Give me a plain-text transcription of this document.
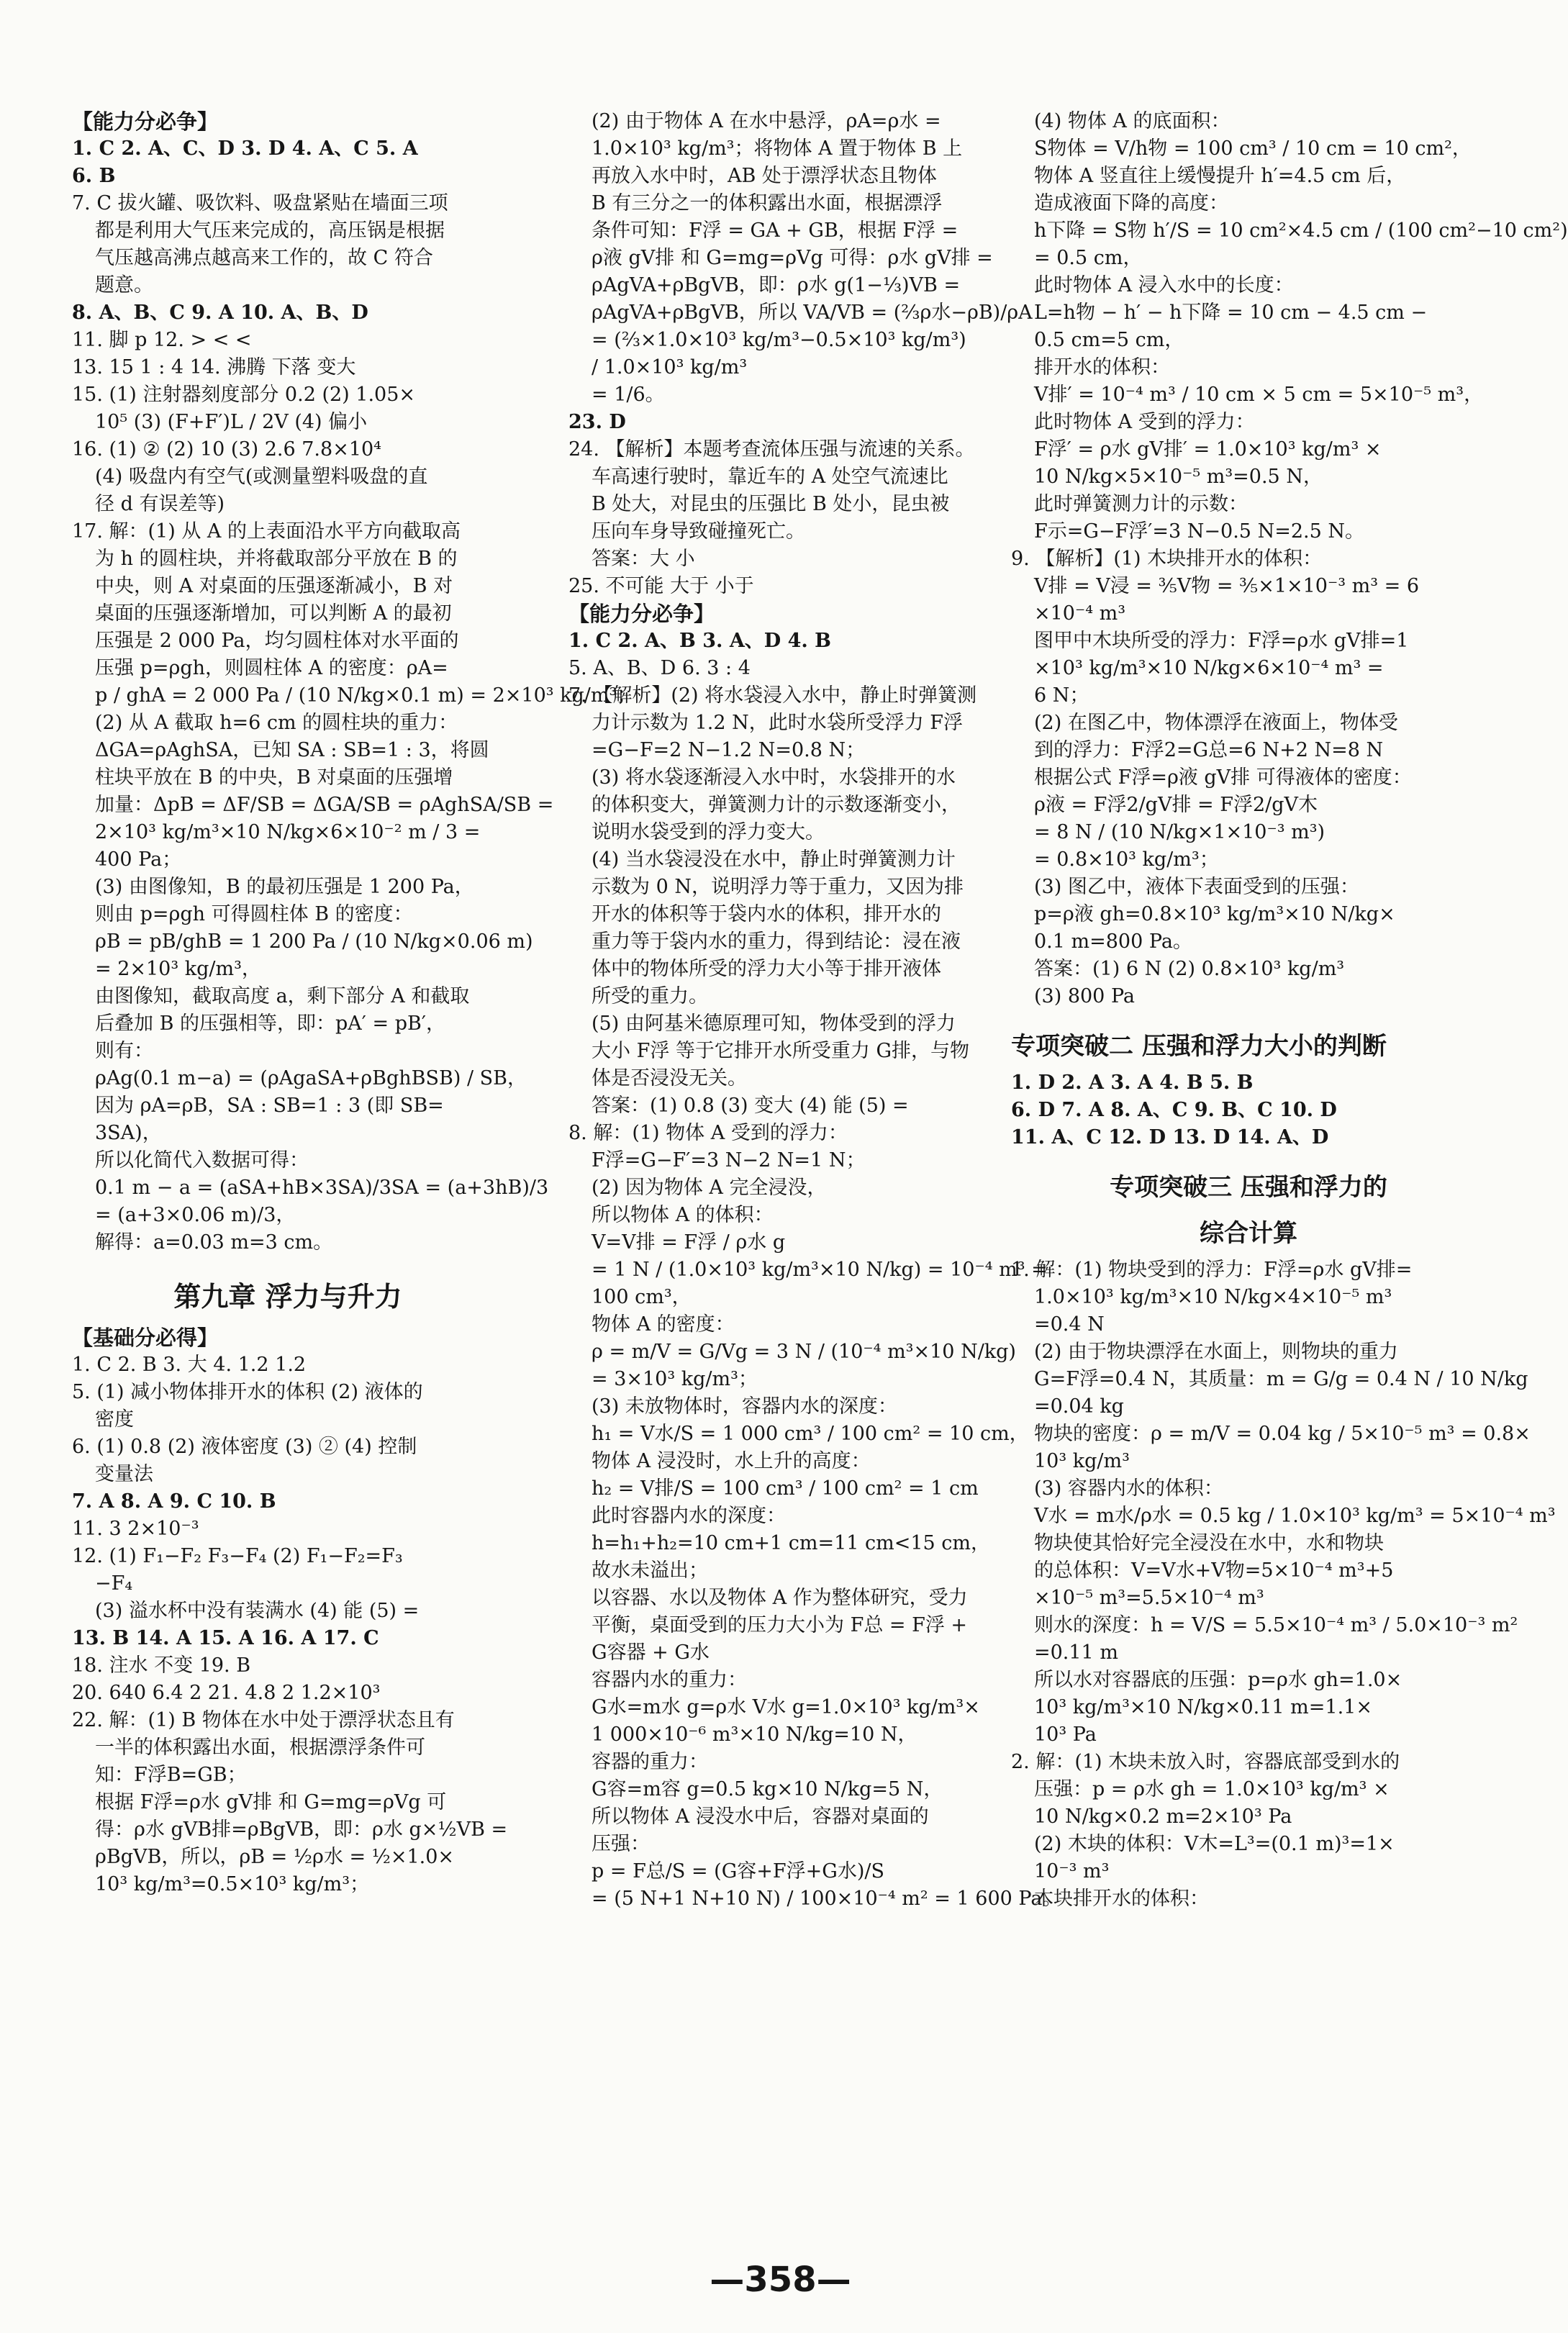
【能力分必争】
1. C 2. A、C、D 3. D 4. A、C 5. A
6. B
7. C 拔火罐、吸饮料、吸盘紧贴在墙面三项
都是利用大气压来完成的，高压锅是根据
气压越高沸点越高来工作的，故 C 符合
题意。
8. A、B、C 9. A 10. A、B、D
11. 脚 p 12. > < <
13. 15 1 : 4 14. 沸腾 下落 变大
15. (1) 注射器刻度部分 0.2 (2) 1.05×
10⁵ (3) (F+F′)L / 2V (4) 偏小
16. (1) ② (2) 10 (3) 2.6 7.8×10⁴
(4) 吸盘内有空气(或测量塑料吸盘的直
径 d 有误差等)
17. 解：(1) 从 A 的上表面沿水平方向截取高
为 h 的圆柱块，并将截取部分平放在 B 的
中央，则 A 对桌面的压强逐渐减小，B 对
桌面的压强逐渐增加，可以判断 A 的最初
压强是 2 000 Pa，均匀圆柱体对水平面的
压强 p=ρgh，则圆柱体 A 的密度：ρA=
p / ghA = 2 000 Pa / (10 N/kg×0.1 m) = 2×10³ kg/m³；
(2) 从 A 截取 h=6 cm 的圆柱块的重力：
ΔGA=ρAghSA，已知 SA : SB=1 : 3，将圆
柱块平放在 B 的中央，B 对桌面的压强增
加量：ΔpB = ΔF/SB = ΔGA/SB = ρAghSA/SB =
2×10³ kg/m³×10 N/kg×6×10⁻² m / 3 =
400 Pa；
(3) 由图像知，B 的最初压强是 1 200 Pa，
则由 p=ρgh 可得圆柱体 B 的密度：
ρB = pB/ghB = 1 200 Pa / (10 N/kg×0.06 m)
= 2×10³ kg/m³，
由图像知，截取高度 a，剩下部分 A 和截取
后叠加 B 的压强相等，即：pA′ = pB′，
则有：
ρAg(0.1 m−a) = (ρAgaSA+ρBghBSB) / SB，
因为 ρA=ρB，SA : SB=1 : 3 (即 SB=
3SA)，
所以化简代入数据可得：
0.1 m − a = (aSA+hB×3SA)/3SA = (a+3hB)/3
= (a+3×0.06 m)/3，
解得：a=0.03 m=3 cm。
第九章 浮力与升力
【基础分必得】
1. C 2. B 3. 大 4. 1.2 1.2
5. (1) 减小物体排开水的体积 (2) 液体的
密度
6. (1) 0.8 (2) 液体密度 (3) ② (4) 控制
变量法
7. A 8. A 9. C 10. B
11. 3 2×10⁻³
12. (1) F₁−F₂ F₃−F₄ (2) F₁−F₂=F₃
−F₄
(3) 溢水杯中没有装满水 (4) 能 (5) =
13. B 14. A 15. A 16. A 17. C
18. 注水 不变 19. B
20. 640 6.4 2 21. 4.8 2 1.2×10³
22. 解：(1) B 物体在水中处于漂浮状态且有
一半的体积露出水面，根据漂浮条件可
知：F浮B=GB；
根据 F浮=ρ水 gV排 和 G=mg=ρVg 可
得：ρ水 gVB排=ρBgVB，即：ρ水 g×½VB =
ρBgVB，所以，ρB = ½ρ水 = ½×1.0×
10³ kg/m³=0.5×10³ kg/m³；
(2) 由于物体 A 在水中悬浮，ρA=ρ水 =
1.0×10³ kg/m³；将物体 A 置于物体 B 上
再放入水中时，AB 处于漂浮状态且物体
B 有三分之一的体积露出水面，根据漂浮
条件可知：F浮 = GA + GB，根据 F浮 =
ρ液 gV排 和 G=mg=ρVg 可得：ρ水 gV排 =
ρAgVA+ρBgVB，即：ρ水 g(1−⅓)VB =
ρAgVA+ρBgVB，所以 VA/VB = (⅔ρ水−ρB)/ρA
= (⅔×1.0×10³ kg/m³−0.5×10³ kg/m³)
/ 1.0×10³ kg/m³
= 1/6。
23. D
24. 【解析】本题考查流体压强与流速的关系。
车高速行驶时，靠近车的 A 处空气流速比
B 处大，对昆虫的压强比 B 处小，昆虫被
压向车身导致碰撞死亡。
答案：大 小
25. 不可能 大于 小于
【能力分必争】
1. C 2. A、B 3. A、D 4. B
5. A、B、D 6. 3 : 4
7. 【解析】(2) 将水袋浸入水中，静止时弹簧测
力计示数为 1.2 N，此时水袋所受浮力 F浮
=G−F=2 N−1.2 N=0.8 N；
(3) 将水袋逐渐浸入水中时，水袋排开的水
的体积变大，弹簧测力计的示数逐渐变小，
说明水袋受到的浮力变大。
(4) 当水袋浸没在水中，静止时弹簧测力计
示数为 0 N，说明浮力等于重力，又因为排
开水的体积等于袋内水的体积，排开水的
重力等于袋内水的重力，得到结论：浸在液
体中的物体所受的浮力大小等于排开液体
所受的重力。
(5) 由阿基米德原理可知，物体受到的浮力
大小 F浮 等于它排开水所受重力 G排，与物
体是否浸没无关。
答案：(1) 0.8 (3) 变大 (4) 能 (5) =
8. 解：(1) 物体 A 受到的浮力：
F浮=G−F′=3 N−2 N=1 N；
(2) 因为物体 A 完全浸没，
所以物体 A 的体积：
V=V排 = F浮 / ρ水 g
= 1 N / (1.0×10³ kg/m³×10 N/kg) = 10⁻⁴ m³ =
100 cm³，
物体 A 的密度：
ρ = m/V = G/Vg = 3 N / (10⁻⁴ m³×10 N/kg)
= 3×10³ kg/m³；
(3) 未放物体时，容器内水的深度：
h₁ = V水/S = 1 000 cm³ / 100 cm² = 10 cm，
物体 A 浸没时，水上升的高度：
h₂ = V排/S = 100 cm³ / 100 cm² = 1 cm
此时容器内水的深度：
h=h₁+h₂=10 cm+1 cm=11 cm<15 cm，
故水未溢出；
以容器、水以及物体 A 作为整体研究，受力
平衡，桌面受到的压力大小为 F总 = F浮 +
G容器 + G水
容器内水的重力：
G水=m水 g=ρ水 V水 g=1.0×10³ kg/m³×
1 000×10⁻⁶ m³×10 N/kg=10 N，
容器的重力：
G容=m容 g=0.5 kg×10 N/kg=5 N，
所以物体 A 浸没水中后，容器对桌面的
压强：
p = F总/S = (G容+F浮+G水)/S
= (5 N+1 N+10 N) / 100×10⁻⁴ m² = 1 600 Pa。
(4) 物体 A 的底面积：
S物体 = V/h物 = 100 cm³ / 10 cm = 10 cm²，
物体 A 竖直往上缓慢提升 h′=4.5 cm 后，
造成液面下降的高度：
h下降 = S物 h′/S = 10 cm²×4.5 cm / (100 cm²−10 cm²)
= 0.5 cm，
此时物体 A 浸入水中的长度：
L=h物 − h′ − h下降 = 10 cm − 4.5 cm −
0.5 cm=5 cm，
排开水的体积：
V排′ = 10⁻⁴ m³ / 10 cm × 5 cm = 5×10⁻⁵ m³，
此时物体 A 受到的浮力：
F浮′ = ρ水 gV排′ = 1.0×10³ kg/m³ ×
10 N/kg×5×10⁻⁵ m³=0.5 N，
此时弹簧测力计的示数：
F示=G−F浮′=3 N−0.5 N=2.5 N。
9. 【解析】(1) 木块排开水的体积：
V排 = V浸 = ⅗V物 = ⅗×1×10⁻³ m³ = 6
×10⁻⁴ m³
图甲中木块所受的浮力：F浮=ρ水 gV排=1
×10³ kg/m³×10 N/kg×6×10⁻⁴ m³ =
6 N；
(2) 在图乙中，物体漂浮在液面上，物体受
到的浮力：F浮2=G总=6 N+2 N=8 N
根据公式 F浮=ρ液 gV排 可得液体的密度：
ρ液 = F浮2/gV排 = F浮2/gV木
= 8 N / (10 N/kg×1×10⁻³ m³)
= 0.8×10³ kg/m³；
(3) 图乙中，液体下表面受到的压强：
p=ρ液 gh=0.8×10³ kg/m³×10 N/kg×
0.1 m=800 Pa。
答案：(1) 6 N (2) 0.8×10³ kg/m³
(3) 800 Pa
专项突破二 压强和浮力大小的判断
1. D 2. A 3. A 4. B 5. B
6. D 7. A 8. A、C 9. B、C 10. D
11. A、C 12. D 13. D 14. A、D
专项突破三 压强和浮力的
综合计算
1. 解：(1) 物块受到的浮力：F浮=ρ水 gV排=
1.0×10³ kg/m³×10 N/kg×4×10⁻⁵ m³
=0.4 N
(2) 由于物块漂浮在水面上，则物块的重力
G=F浮=0.4 N，其质量：m = G/g = 0.4 N / 10 N/kg
=0.04 kg
物块的密度：ρ = m/V = 0.04 kg / 5×10⁻⁵ m³ = 0.8×
10³ kg/m³
(3) 容器内水的体积：
V水 = m水/ρ水 = 0.5 kg / 1.0×10³ kg/m³ = 5×10⁻⁴ m³
物块使其恰好完全浸没在水中，水和物块
的总体积：V=V水+V物=5×10⁻⁴ m³+5
×10⁻⁵ m³=5.5×10⁻⁴ m³
则水的深度：h = V/S = 5.5×10⁻⁴ m³ / 5.0×10⁻³ m²
=0.11 m
所以水对容器底的压强：p=ρ水 gh=1.0×
10³ kg/m³×10 N/kg×0.11 m=1.1×
10³ Pa
2. 解：(1) 木块未放入时，容器底部受到水的
压强：p = ρ水 gh = 1.0×10³ kg/m³ ×
10 N/kg×0.2 m=2×10³ Pa
(2) 木块的体积：V木=L³=(0.1 m)³=1×
10⁻³ m³
木块排开水的体积：
—358—
